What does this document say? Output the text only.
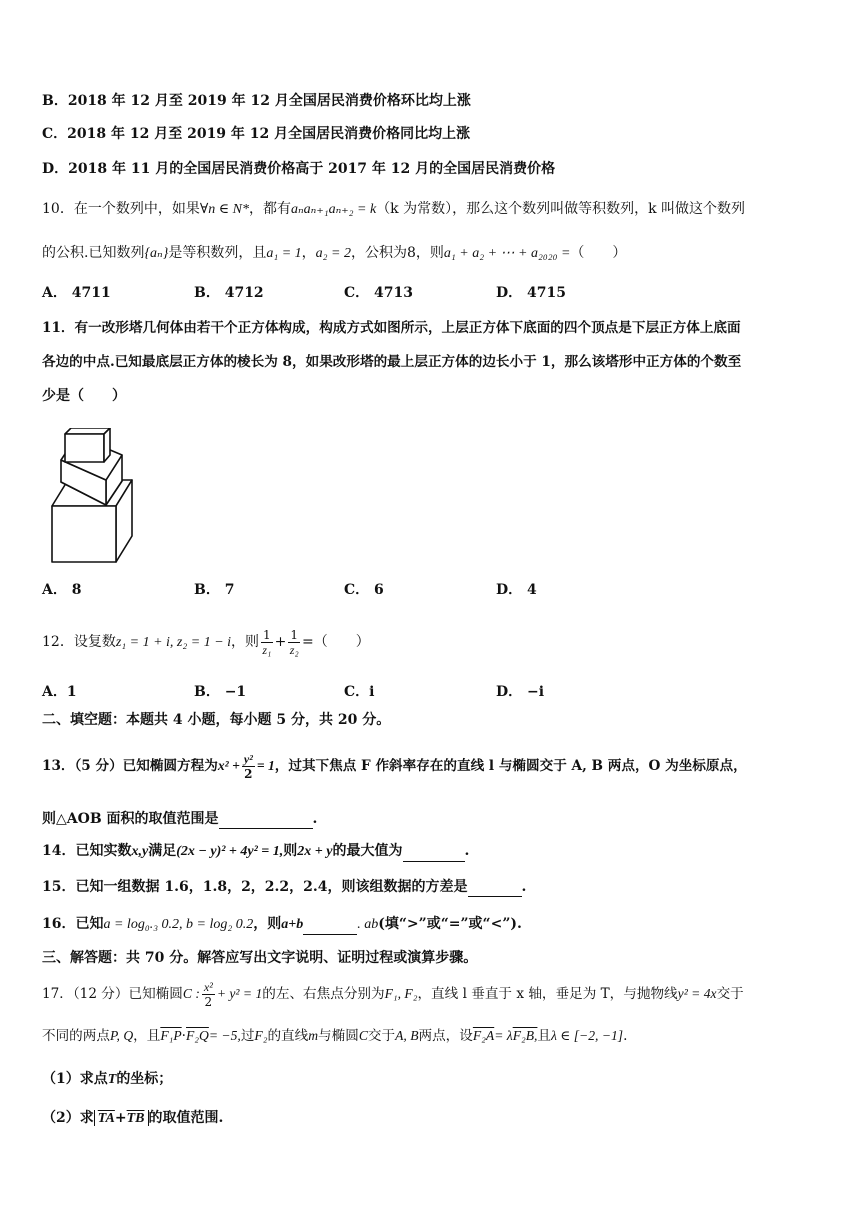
B．2018 年 12 月至 2019 年 12 月全国居民消费价格环比均上涨
C．2018 年 12 月至 2019 年 12 月全国居民消费价格同比均上涨
D．2018 年 11 月的全国居民消费价格高于 2017 年 12 月的全国居民消费价格
10．在一个数列中，如果∀n ∈ N*，都有aₙaₙ₊₁aₙ₊₂ = k（k 为常数），那么这个数列叫做等积数列，k 叫做这个数列
的公积.已知数列{aₙ}是等积数列，且a₁ = 1，a₂ = 2，公积为8，则a₁ + a₂ + ⋯ + a₂₀₂₀ =（　　）
A． 4711	B． 4712	C． 4713	D． 4715
11．有一改形塔几何体由若干个正方体构成，构成方式如图所示，上层正方体下底面的四个顶点是下层正方体上底面
各边的中点.已知最底层正方体的棱长为 8，如果改形塔的最上层正方体的边长小于 1，那么该塔形中正方体的个数至
少是（　　）
A． 8	B． 7	C． 6	D． 4
12．设复数z₁ = 1 + i, z₂ = 1 − i，则 $\frac{1}{\text{z₁}} + \frac{1}{\text{z₂}}$ =（　　）
A．1	B． −1	C．i	D． −i
二、填空题：本题共 4 小题，每小题 5 分，共 20 分。
13．（5 分）已知椭圆方程为$x^2 + \frac{\text{y²}}{2} = 1$，过其下焦点 F 作斜率存在的直线 l 与椭圆交于 A, B 两点，O 为坐标原点，
则△AOB 面积的取值范围是	.
14．已知实数x,y满足(2x − y)² + 4y² = 1,则2x + y的最大值为	.
15．已知一组数据 1.6，1.8，2，2.2，2.4，则该组数据的方差是	.
16．已知a = log₀.₃ 0.2, b = log₂ 0.2，则a+b	. ab(填“>”或“=”或“<”).
三、解答题：共 70 分。解答应写出文字说明、证明过程或演算步骤。
17．（12 分）已知椭圆C : $\frac{\text{x²}}{2} + y^2 = 1$的左、右焦点分别为F₁, F₂，直线 l 垂直于 x 轴，垂足为 T，与抛物线y² = 4x交于
不同的两点P, Q，且F₁P·F₂Q= −5,过F₂的直线m与椭圆C交于A, B两点，设F₂A= λF₂B,且λ ∈ [−2, −1].
（1）求点T的坐标；
（2）求 $\overline{TA}+\overline{TB}$ 的取值范围.
